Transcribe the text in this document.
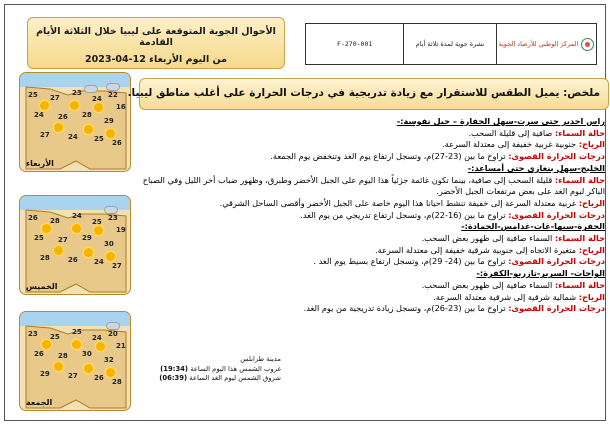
الأحوال الجوية المتوقعة على ليبيا خلال الثلاثة الأيام القادمة
من اليوم الأربعاء 12-04-2023
المركز الوطني للأرصاد الجوية
نشرة جوية لمدة ثلاثة أيام
F-270-001
25 27
23
24 22
16
24 26 28
29
27	24 25 26
الأربعاء
26 28
24
25 23
19
25 27 29
30
28	26 24 27
الخميس
23 25
25
24 20
21
26 28 30
32
29	27 26 28
الجمعة
ملخص: يميل الطقس للاستقرار مع زيادة تدريجية في درجات الحرارة على أغلب مناطق ليبيا.
راس اجدير حتى سرت-سهل الجفارة – جبل نفوسة:-
حالة السماء: صافية إلى قليلة السحب.
الرياح: جنوبية غربية خفيفة إلى معتدلة السرعة.
درجات الحرارة القصوى: تراوح ما بين (23-27)م، وتسجل ارتفاع يوم الغد وتنخفض يوم الجمعة.
الخليج-سهل بنغازي حتى أمساعد:-
حالة السماء: قليلة السحب إلى صافية، بينما تكون غائمة جزئياً هذا اليوم على الجبل الأخضر وطبرق، وظهور ضباب أخر الليل وفي الصباح الباكر ليوم الغد على بعض مرتفعات الجبل الأخضر.
الرياح: غربية معتدلة السرعة إلى خفيفة تنشط احيانا هذا اليوم خاصة على الجبل الأخضر وأقصى الساحل الشرقي.
درجات الحرارة القصوى: تراوح ما بين (16-22)م، وتسجل ارتفاع تدريجي من يوم الغد.
الجفرة-سبها-غات-غدامس-الحمادة:-
حالة السماء: السماء صافية إلى ظهور بعض السحب.
الرياح: متغيرة الاتجاه إلى جنوبية شرقية خفيفة إلى معتدلة السرعة.
درجات الحرارة القصوى: تراوح ما بين (24- 29)م، وتسجل ارتفاع بسيط يوم الغد .
الواحات- السرير-تازربو-الكفرة:-
حالة السماء: السماء صافية إلى ظهور بعض السحب.
الرياح: شمالية شرقية إلى شرقية معتدلة السرعة.
درجات الحرارة القصوى: تراوح ما بين (23-26)م، وتسجل زيادة تدريجية من يوم الغد.
مدينة طرابلس
غروب الشمس هذا اليوم الساعة (19:34)
شروق الشمس ليوم الغد الساعة (06:39)
